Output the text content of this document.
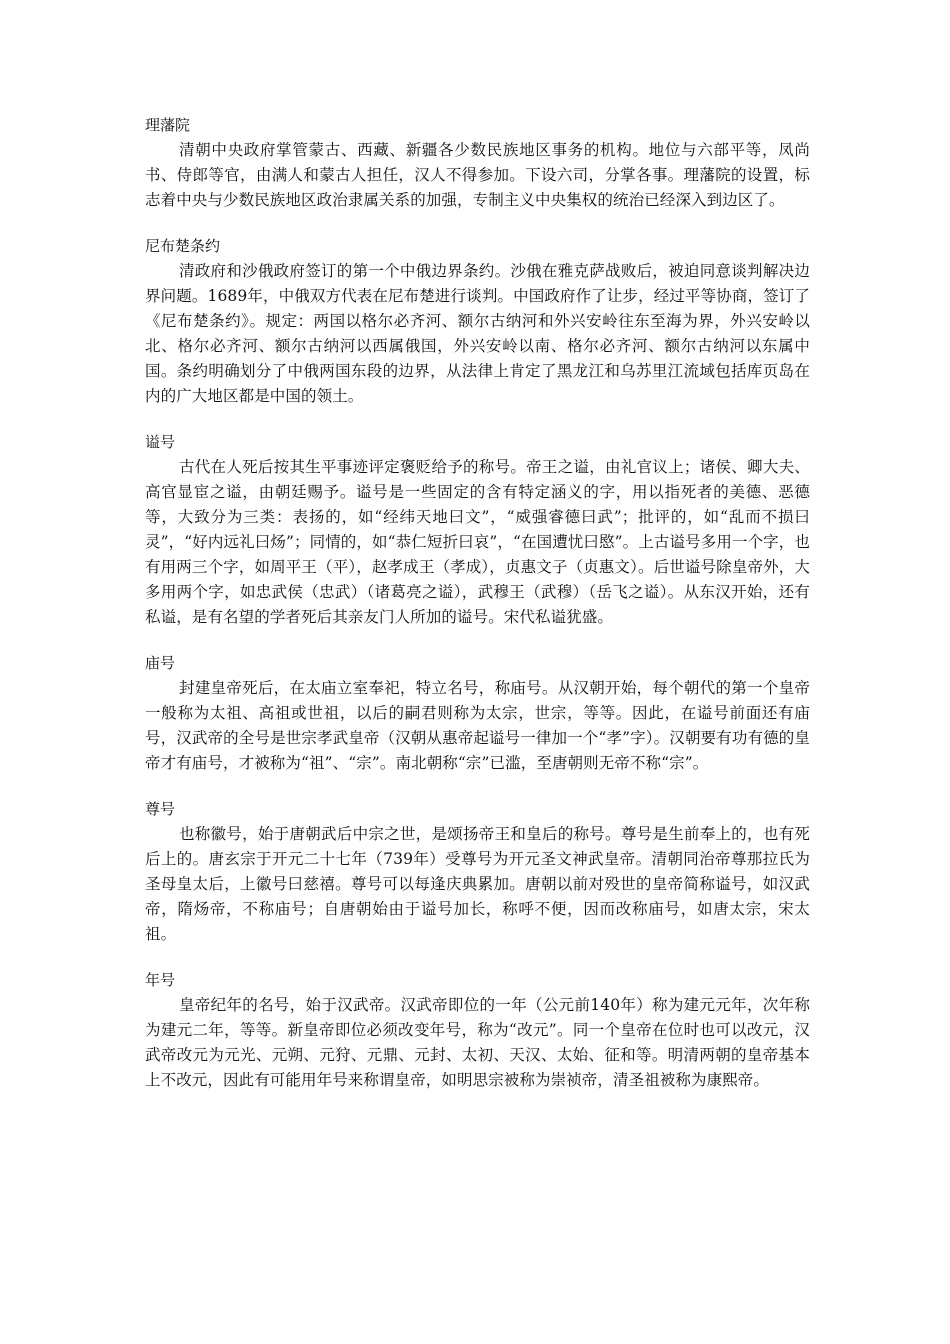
理藩院

清朝中央政府掌管蒙古、西藏、新疆各少数民族地区事务的机构。地位与六部平等，凤尚书、侍郎等官，由满人和蒙古人担任，汉人不得参加。下设六司，分掌各事。理藩院的设置，标志着中央与少数民族地区政治隶属关系的加强，专制主义中央集权的统治已经深入到边区了。

尼布楚条约

清政府和沙俄政府签订的第一个中俄边界条约。沙俄在雅克萨战败后，被迫同意谈判解决边界问题。1689年，中俄双方代表在尼布楚进行谈判。中国政府作了让步，经过平等协商，签订了《尼布楚条约》。规定：两国以格尔必齐河、额尔古纳河和外兴安岭往东至海为界，外兴安岭以北、格尔必齐河、额尔古纳河以西属俄国，外兴安岭以南、格尔必齐河、额尔古纳河以东属中国。条约明确划分了中俄两国东段的边界，从法律上肯定了黑龙江和乌苏里江流域包括库页岛在内的广大地区都是中国的领土。

谥号

古代在人死后按其生平事迹评定褒贬给予的称号。帝王之谥，由礼官议上；诸侯、卿大夫、高官显宦之谥，由朝廷赐予。谥号是一些固定的含有特定涵义的字，用以指死者的美德、恶德等，大致分为三类：表扬的，如“经纬天地曰文”，“威强睿德曰武”；批评的，如“乱而不损曰灵”，“好内远礼曰炀”；同情的，如“恭仁短折曰哀”，“在国遭忧曰愍”。上古谥号多用一个字，也有用两三个字，如周平王（平），赵孝成王（孝成），贞惠文子（贞惠文）。后世谥号除皇帝外，大多用两个字，如忠武侯（忠武）（诸葛亮之谥），武穆王（武穆）（岳飞之谥）。从东汉开始，还有私谥，是有名望的学者死后其亲友门人所加的谥号。宋代私谥犹盛。

庙号

封建皇帝死后，在太庙立室奉祀，特立名号，称庙号。从汉朝开始，每个朝代的第一个皇帝一般称为太祖、高祖或世祖，以后的嗣君则称为太宗，世宗，等等。因此，在谥号前面还有庙号，汉武帝的全号是世宗孝武皇帝（汉朝从惠帝起谥号一律加一个“孝”字）。汉朝要有功有德的皇帝才有庙号，才被称为“祖”、“宗”。南北朝称“宗”已滥，至唐朝则无帝不称“宗”。

尊号

也称徽号，始于唐朝武后中宗之世，是颂扬帝王和皇后的称号。尊号是生前奉上的，也有死后上的。唐玄宗于开元二十七年（739年）受尊号为开元圣文神武皇帝。清朝同治帝尊那拉氏为圣母皇太后，上徽号曰慈禧。尊号可以每逢庆典累加。唐朝以前对殁世的皇帝简称谥号，如汉武帝，隋炀帝，不称庙号；自唐朝始由于谥号加长，称呼不便，因而改称庙号，如唐太宗，宋太祖。

年号

皇帝纪年的名号，始于汉武帝。汉武帝即位的一年（公元前140年）称为建元元年，次年称为建元二年，等等。新皇帝即位必须改变年号，称为“改元”。同一个皇帝在位时也可以改元，汉武帝改元为元光、元朔、元狩、元鼎、元封、太初、天汉、太始、征和等。明清两朝的皇帝基本上不改元，因此有可能用年号来称谓皇帝，如明思宗被称为崇祯帝，清圣祖被称为康熙帝。
